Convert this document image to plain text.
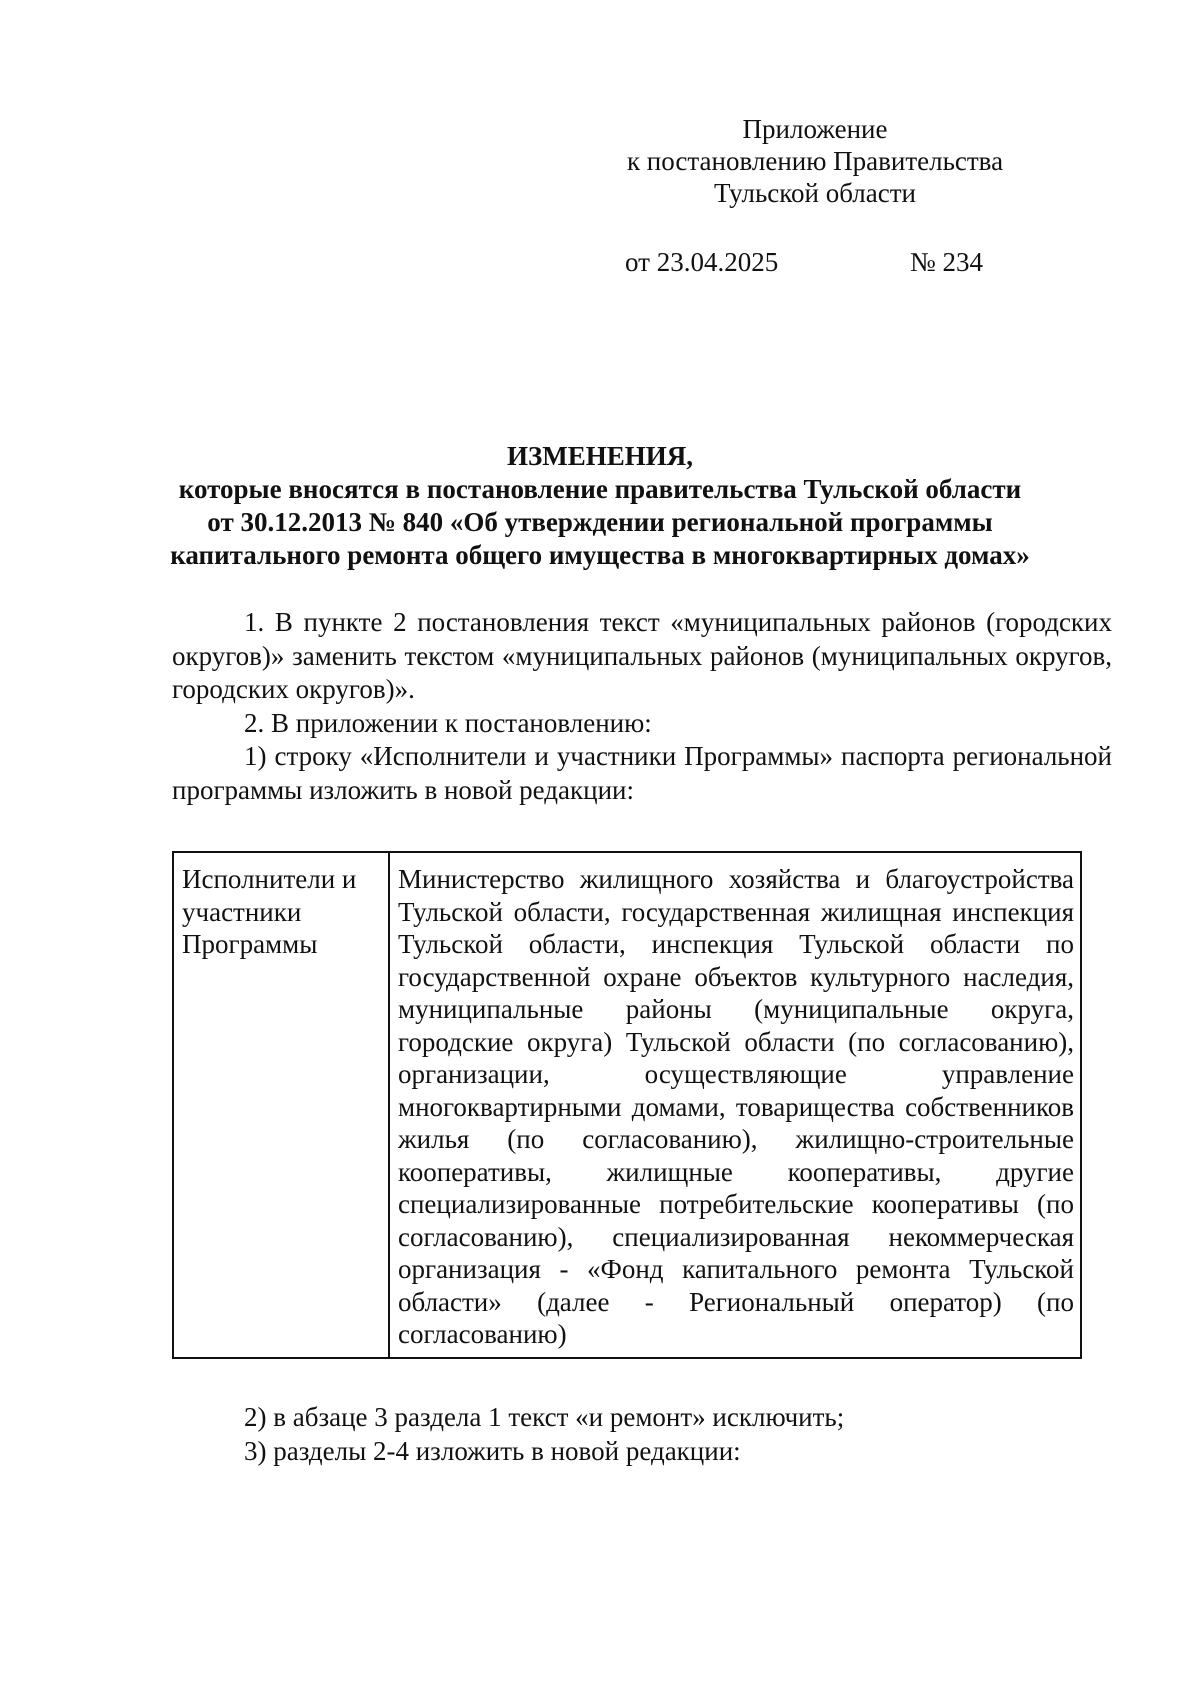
Приложение
к постановлению Правительства
Тульской области
от 23.04.2025	№ 234
ИЗМЕНЕНИЯ,
которые вносятся в постановление правительства Тульской области
от 30.12.2013 № 840 «Об утверждении региональной программы
капитального ремонта общего имущества в многоквартирных домах»

1. В пункте 2 постановления текст «муниципальных районов (городских округов)» заменить текстом «муниципальных районов (муниципальных округов, городских округов)».

2. В приложении к постановлению:

1) строку «Исполнители и участники Программы» паспорта региональной программы изложить в новой редакции:

Исполнители и участники Программы
Министерство жилищного хозяйства и благоустройства Тульской области, государственная жилищная инспекция Тульской области, инспекция Тульской области по государственной охране объектов культурного наследия, муниципальные районы (муниципальные округа, городские округа) Тульской области (по согласованию), организации, осуществляющие управление многоквартирными домами, товарищества собственников жилья (по согласованию), жилищно-строительные кооперативы, жилищные кооперативы, другие специализированные потребительские кооперативы (по согласованию), специализированная некоммерческая организация - «Фонд капитального ремонта Тульской области» (далее - Региональный оператор) (по согласованию)

2) в абзаце 3 раздела 1 текст «и ремонт» исключить;

3) разделы 2-4 изложить в новой редакции:
